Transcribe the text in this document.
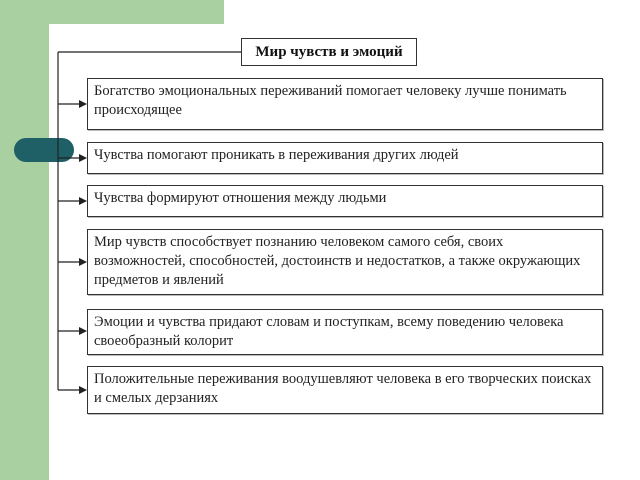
Мир чувств и эмоций
Богатство эмоциональных переживаний помогает человеку лучше понимать происходящее
Чувства помогают проникать в переживания других людей
Чувства формируют отношения между людьми
Мир чувств способствует познанию человеком самого себя, своих возможностей, способностей, достоинств и недостатков, а также окружающих предметов и явлений
Эмоции и чувства придают словам и поступкам, всему поведению человека своеобразный колорит
Положительные переживания воодушевляют человека в его творческих поисках и смелых дерзаниях
